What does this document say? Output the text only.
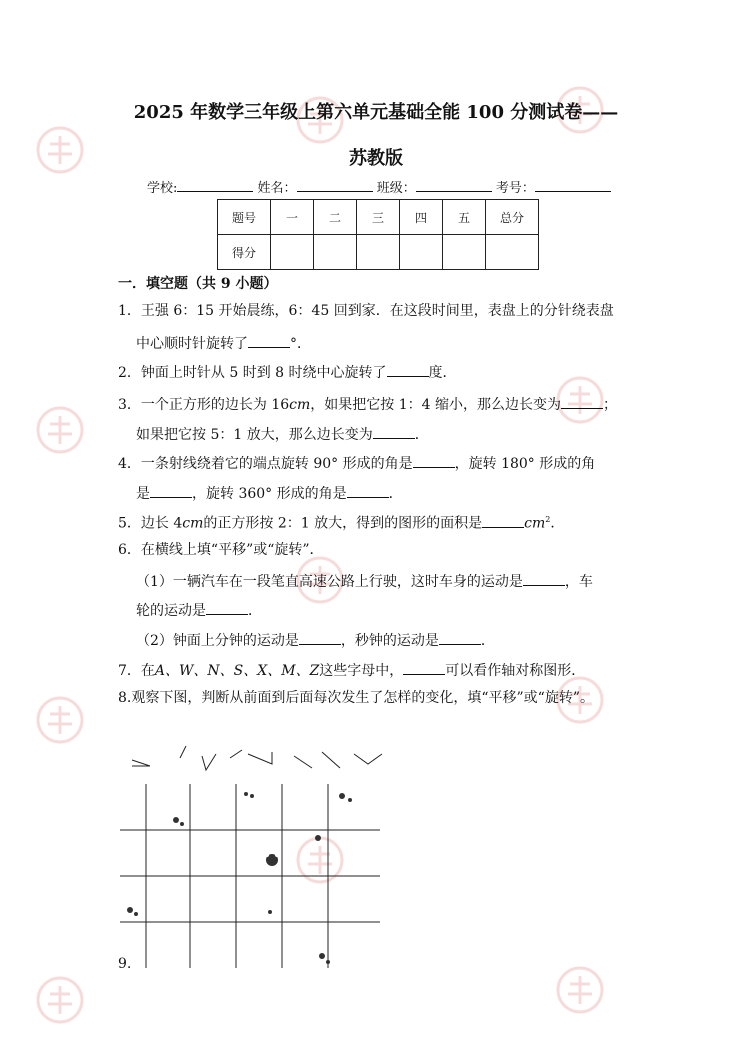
2025 年数学三年级上第六单元基础全能 100 分测试卷——
苏教版
学校:	姓名：	班级：	考号：
题号	一	二	三	四	五	总分
得分						
一．填空题（共 9 小题）
1．王强 6：15 开始晨练，6：45 回到家．在这段时间里，表盘上的分针绕表盘
中心顺时针旋转了	°．
2．钟面上时针从 5 时到 8 时绕中心旋转了	度．
3．一个正方形的边长为 16cm，如果把它按 1：4 缩小，那么边长变为	；
如果把它按 5：1 放大，那么边长变为	．
4．一条射线绕着它的端点旋转 90° 形成的角是	，旋转 180° 形成的角
是	，旋转 360° 形成的角是	．
5．边长 4cm的正方形按 2：1 放大，得到的图形的面积是	$cm^2$．
6．在横线上填“平移”或“旋转”．
（1）一辆汽车在一段笔直高速公路上行驶，这时车身的运动是	，车
轮的运动是	．
（2）钟面上分钟的运动是	，秒钟的运动是	．
7．在A、W、N、S、X、M、Z这些字母中，	可以看作轴对称图形．
8.观察下图，判断从前面到后面每次发生了怎样的变化，填“平移”或“旋转”。
9.
